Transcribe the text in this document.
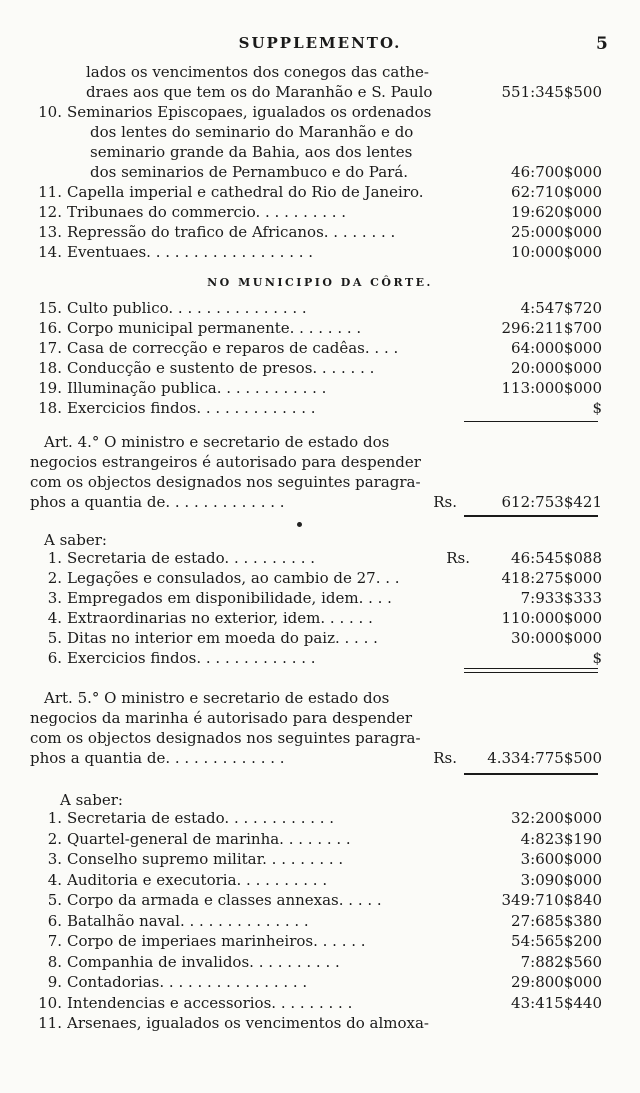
SUPPLEMENTO.	5
lados os vencimentos dos conegos das cathe-
draes aos que tem os do Maranhão e S. Paulo	551:345$500
10. Seminarios Episcopaes, igualados os ordenados
dos lentes do seminario do Maranhão e do
seminario grande da Bahia, aos dos lentes
dos seminarios de Pernambuco e do Pará.	46:700$000
11. Capella imperial e cathedral do Rio de Janeiro.	62:710$000
12. Tribunaes do commercio. . . . . . . . . .	19:620$000
13. Repressão do trafico de Africanos. . . . . . . .	25:000$000
14. Eventuaes. . . . . . . . . . . . . . . . . .	10:000$000
NO MUNICIPIO DA CÔRTE.
15. Culto publico. . . . . . . . . . . . . . .	4:547$720
16. Corpo municipal permanente. . . . . . . .	296:211$700
17. Casa de correcção e reparos de cadêas. . . .	64:000$000
18. Conducção e sustento de presos. . . . . . .	20:000$000
19. Illuminação publica. . . . . . . . . . . .	113:000$000
18. Exercicios findos. . . . . . . . . . . . .	$
Art. 4.° O ministro e secretario de estado dos
negocios estrangeiros é autorisado para despender
com os objectos designados nos seguintes paragra-
phos a quantia de. . . . . . . . . . . . .	Rs.	612:753$421
A saber:
1. Secretaria de estado. . . . . . . . . .	Rs.	46:545$088
2. Legações e consulados, ao cambio de 27. . .	418:275$000
3. Empregados em disponibilidade, idem. . . .	7:933$333
4. Extraordinarias no exterior, idem. . . . . .	110:000$000
5. Ditas no interior em moeda do paiz. . . . .	30:000$000
6. Exercicios findos. . . . . . . . . . . . .	$
Art. 5.° O ministro e secretario de estado dos
negocios da marinha é autorisado para despender
com os objectos designados nos seguintes paragra-
phos a quantia de. . . . . . . . . . . . .	Rs.	4.334:775$500
A saber:
1. Secretaria de estado. . . . . . . . . . . .	32:200$000
2. Quartel-general de marinha. . . . . . . .	4:823$190
3. Conselho supremo militar. . . . . . . . .	3:600$000
4. Auditoria e executoria. . . . . . . . . .	3:090$000
5. Corpo da armada e classes annexas. . . . .	349:710$840
6. Batalhão naval. . . . . . . . . . . . . .	27:685$380
7. Corpo de imperiaes marinheiros. . . . . .	54:565$200
8. Companhia de invalidos. . . . . . . . . .	7:882$560
9. Contadorias. . . . . . . . . . . . . . . .	29:800$000
10. Intendencias e accessorios. . . . . . . . .	43:415$440
11. Arsenaes, igualados os vencimentos do almoxa-
